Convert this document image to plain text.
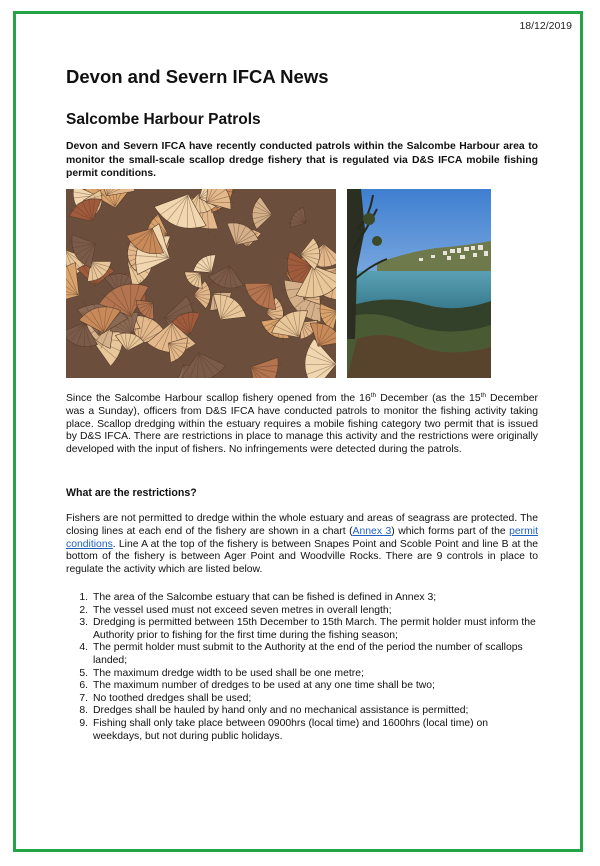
18/12/2019
Devon and Severn IFCA News
Salcombe Harbour Patrols

Devon and Severn IFCA have recently conducted patrols within the Salcombe Harbour area to monitor the small-scale scallop dredge fishery that is regulated via D&S IFCA mobile fishing permit conditions.

Since the Salcombe Harbour scallop fishery opened from the 16th December (as the 15th December was a Sunday), officers from D&S IFCA have conducted patrols to monitor the fishing activity taking place. Scallop dredging within the estuary requires a mobile fishing category two permit that is issued by D&S IFCA. There are restrictions in place to manage this activity and the restrictions were originally developed with the input of fishers. No infringements were detected during the patrols.

What are the restrictions?

Fishers are not permitted to dredge within the whole estuary and areas of seagrass are protected. The closing lines at each end of the fishery are shown in a chart (Annex 3) which forms part of the permit conditions. Line A at the top of the fishery is between Snapes Point and Scoble Point and line B at the bottom of the fishery is between Ager Point and Woodville Rocks. There are 9 controls in place to regulate the activity which are listed below.

1. The area of the Salcombe estuary that can be fished is defined in Annex 3;
2. The vessel used must not exceed seven metres in overall length;
3. Dredging is permitted between 15th December to 15th March. The permit holder must inform the Authority prior to fishing for the first time during the fishing season;
4. The permit holder must submit to the Authority at the end of the period the number of scallops landed;
5. The maximum dredge width to be used shall be one metre;
6. The maximum number of dredges to be used at any one time shall be two;
7. No toothed dredges shall be used;
8. Dredges shall be hauled by hand only and no mechanical assistance is permitted;
9. Fishing shall only take place between 0900hrs (local time) and 1600hrs (local time) on weekdays, but not during public holidays.
